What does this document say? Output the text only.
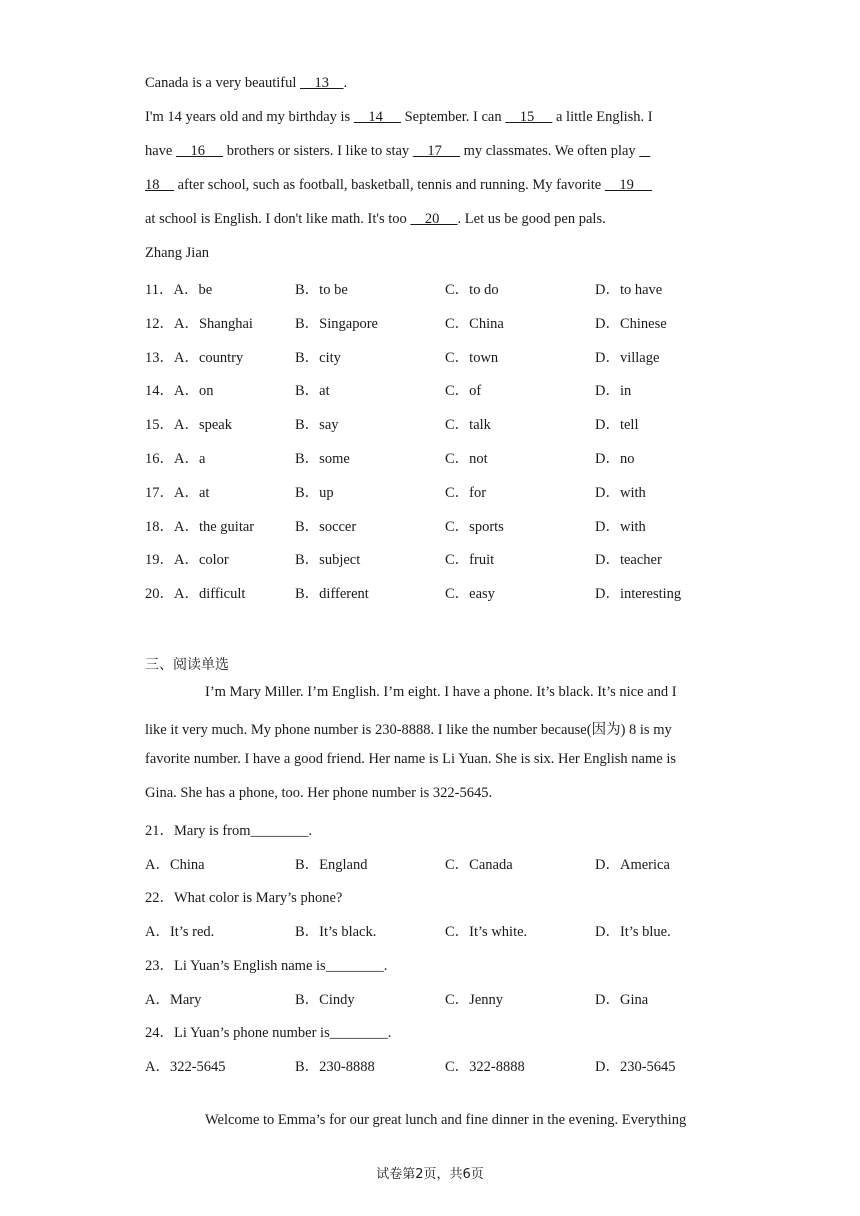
Canada is a very beautiful     13    .
I'm 14 years old and my birthday is     14      September. I can     15      a little English. I
have     16      brothers or sisters. I like to stay     17      my classmates. We often play
18     after school, such as football, basketball, tennis and running. My favorite     19
at school is English. I don't like math. It's too     20     . Let us be good pen pals.
Zhang Jian
11．A．be	B．to be	C．to do	D．to have
12．A．Shanghai	B．Singapore	C．China	D．Chinese
13．A．country	B．city	C．town	D．village
14．A．on	B．at	C．of	D．in
15．A．speak	B．say	C．talk	D．tell
16．A．a	B．some	C．not	D．no
17．A．at	B．up	C．for	D．with
18．A．the guitar	B．soccer	C．sports	D．with
19．A．color	B．subject	C．fruit	D．teacher
20．A．difficult	B．different	C．easy	D．interesting
三、阅读单选
I’m Mary Miller. I’m English. I’m eight. I have a phone. It’s black. It’s nice and I
like it very much. My phone number is 230-8888. I like the number because(因为) 8 is my
favorite number. I have a good friend. Her name is Li Yuan. She is six. Her English name is
Gina. She has a phone, too. Her phone number is 322-5645.
21．Mary is from________.
A．China	B．England	C．Canada	D．America
22．What color is Mary’s phone?
A．It’s red.	B．It’s black.	C．It’s white.	D．It’s blue.
23．Li Yuan’s English name is________.
A．Mary	B．Cindy	C．Jenny	D．Gina
24．Li Yuan’s phone number is________.
A．322-5645	B．230-8888	C．322-8888	D．230-5645
Welcome to Emma’s for our great lunch and fine dinner in the evening. Everything
试卷第2页，共6页
